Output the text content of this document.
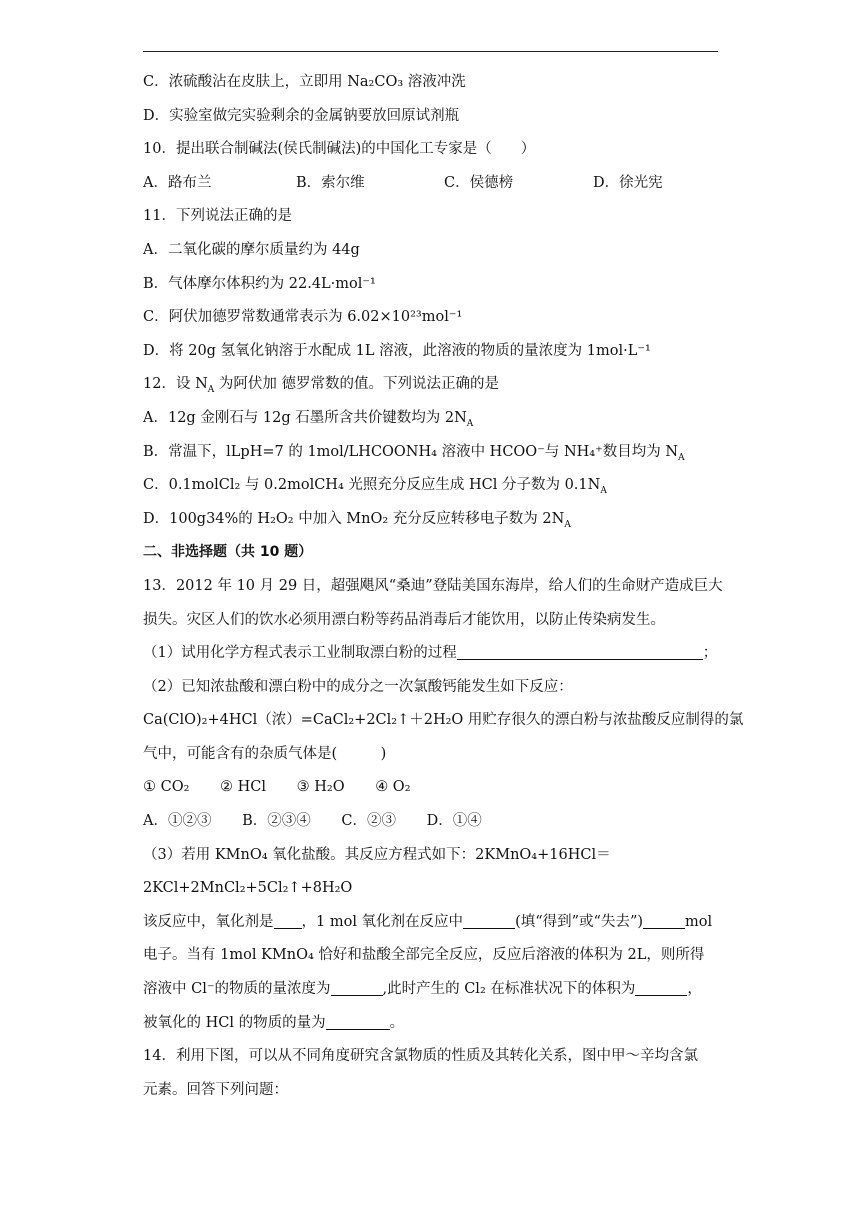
C．浓硫酸沾在皮肤上，立即用 Na₂CO₃ 溶液冲洗
D．实验室做完实验剩余的金属钠要放回原试剂瓶
10．提出联合制碱法(侯氏制碱法)的中国化工专家是（　　）
A．路布兰	B．索尔维	C．侯德榜	D．徐光宪
11．下列说法正确的是
A．二氧化碳的摩尔质量约为 44g
B．气体摩尔体积约为 22.4L·mol⁻¹
C．阿伏加德罗常数通常表示为 6.02×10²³mol⁻¹
D．将 20g 氢氧化钠溶于水配成 1L 溶液，此溶液的物质的量浓度为 1mol·L⁻¹
12．设 $N_A$ 为阿伏加 德罗常数的值。下列说法正确的是
A．12g 金刚石与 12g 石墨所含共价键数均为 $2N_A$
B．常温下，lLpH=7 的 1mol/LHCOONH₄ 溶液中 HCOO⁻与 NH₄⁺数目均为 $N_A$
C．0.1molCl₂ 与 0.2molCH₄ 光照充分反应生成 HCl 分子数为 $0.1N_A$
D．100g34%的 H₂O₂ 中加入 MnO₂ 充分反应转移电子数为 $2N_A$
二、非选择题（共 10 题）
13．2012 年 10 月 29 日，超强飓风“桑迪”登陆美国东海岸，给人们的生命财产造成巨大
损失。灾区人们的饮水必须用漂白粉等药品消毒后才能饮用，以防止传染病发生。
（1）试用化学方程式表示工业制取漂白粉的过程	；
（2）已知浓盐酸和漂白粉中的成分之一次氯酸钙能发生如下反应：
Ca(ClO)₂+4HCl（浓）=CaCl₂+2Cl₂↑＋2H₂O 用贮存很久的漂白粉与浓盐酸反应制得的氯
气中，可能含有的杂质气体是(　　　)
① CO₂ ② HCl ③ H₂O ④ O₂
A．①②③ B．②③④ C．②③ D．①④
（3）若用 KMnO₄ 氧化盐酸。其反应方程式如下：2KMnO₄+16HCl＝
2KCl+2MnCl₂+5Cl₂↑+8H₂O
该反应中，氧化剂是 ，1 mol 氧化剂在反应中	(填“得到”或“失去”)	mol
电子。当有 1mol KMnO₄ 恰好和盐酸全部完全反应，反应后溶液的体积为 2L，则所得
溶液中 Cl⁻的物质的量浓度为	,此时产生的 Cl₂ 在标准状况下的体积为	，
被氧化的 HCl 的物质的量为	。
14．利用下图，可以从不同角度研究含氯物质的性质及其转化关系，图中甲～辛均含氯
元素。回答下列问题：
